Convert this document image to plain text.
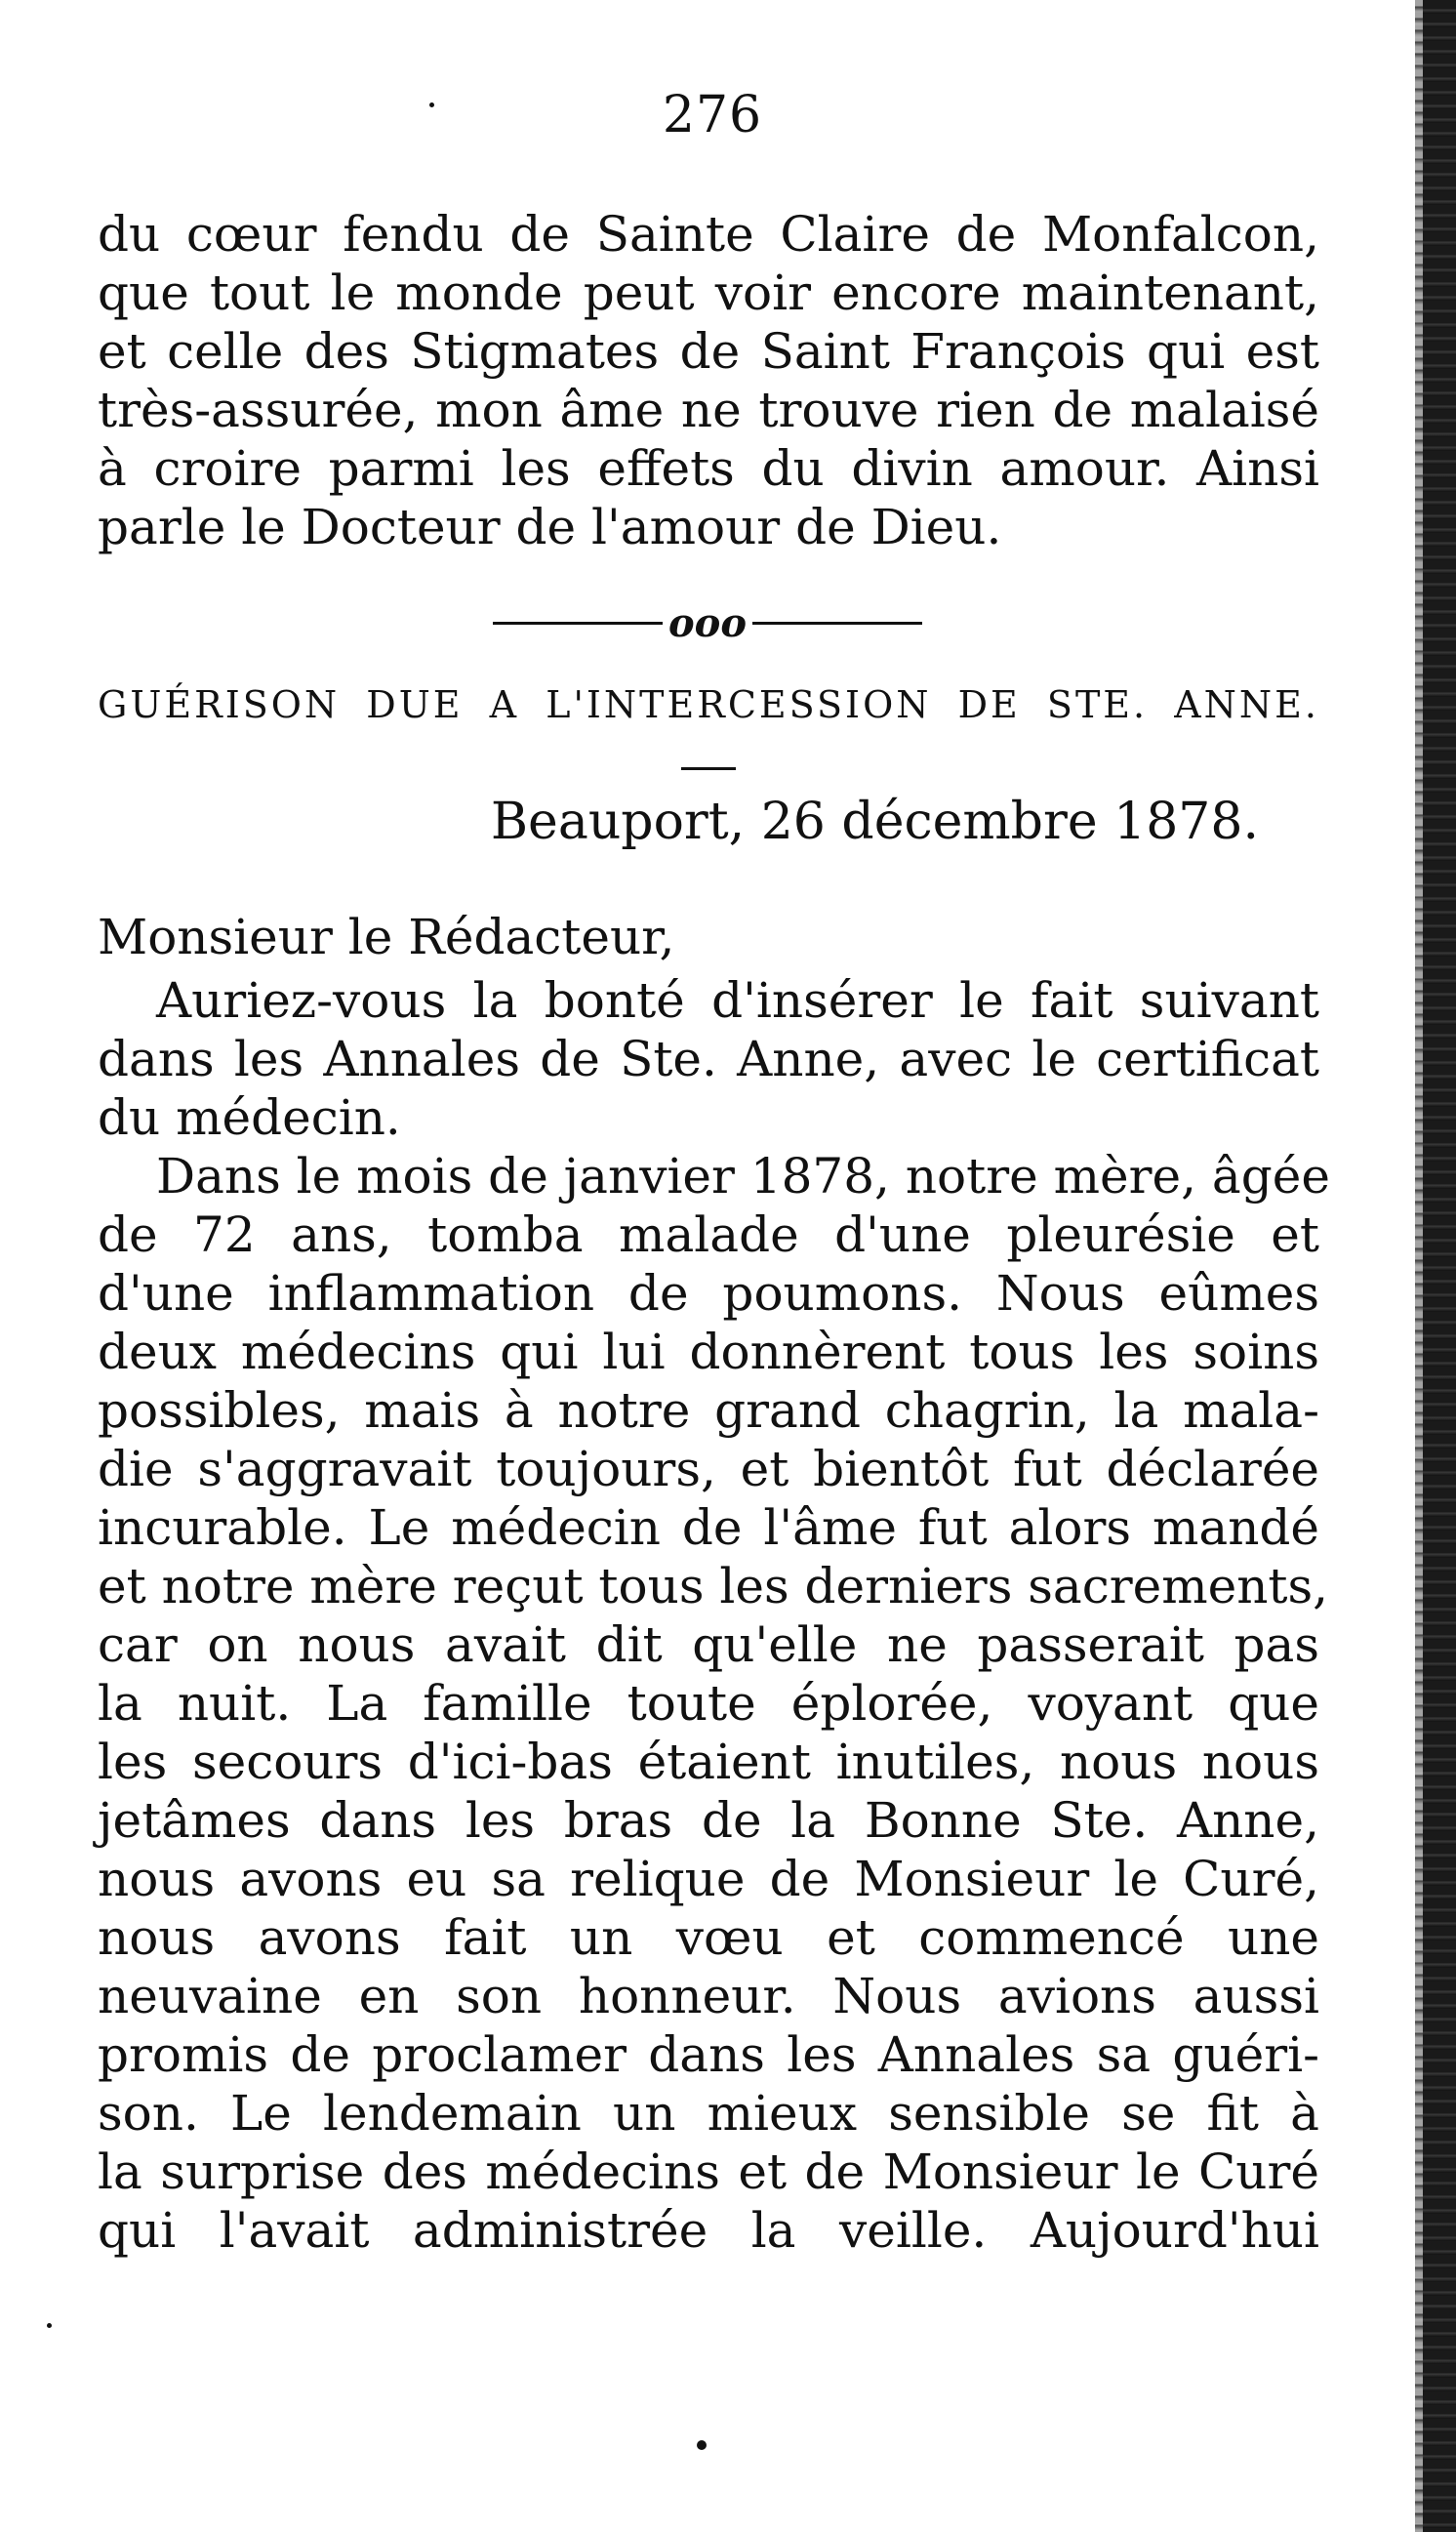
276
du cœur fendu de Sainte Claire de Monfalcon,
que tout le monde peut voir encore maintenant,
et celle des Stigmates de Saint François qui est
très-assurée, mon âme ne trouve rien de malaisé
à croire parmi les effets du divin amour. Ainsi
parle le Docteur de l'amour de Dieu.
ooo
GUÉRISON DUE A L'INTERCESSION DE STE. ANNE.
Beauport, 26 décembre 1878.
Monsieur le Rédacteur,
Auriez-vous la bonté d'insérer le fait suivant
dans les Annales de Ste. Anne, avec le certificat
du médecin.
Dans le mois de janvier 1878, notre mère, âgée
de 72 ans, tomba malade d'une pleurésie et
d'une inflammation de poumons. Nous eûmes
deux médecins qui lui donnèrent tous les soins
possibles, mais à notre grand chagrin, la mala-
die s'aggravait toujours, et bientôt fut déclarée
incurable. Le médecin de l'âme fut alors mandé
et notre mère reçut tous les derniers sacrements,
car on nous avait dit qu'elle ne passerait pas
la nuit. La famille toute éplorée, voyant que
les secours d'ici-bas étaient inutiles, nous nous
jetâmes dans les bras de la Bonne Ste. Anne,
nous avons eu sa relique de Monsieur le Curé,
nous avons fait un vœu et commencé une
neuvaine en son honneur. Nous avions aussi
promis de proclamer dans les Annales sa guéri-
son. Le lendemain un mieux sensible se fit à
la surprise des médecins et de Monsieur le Curé
qui l'avait administrée la veille. Aujourd'hui
